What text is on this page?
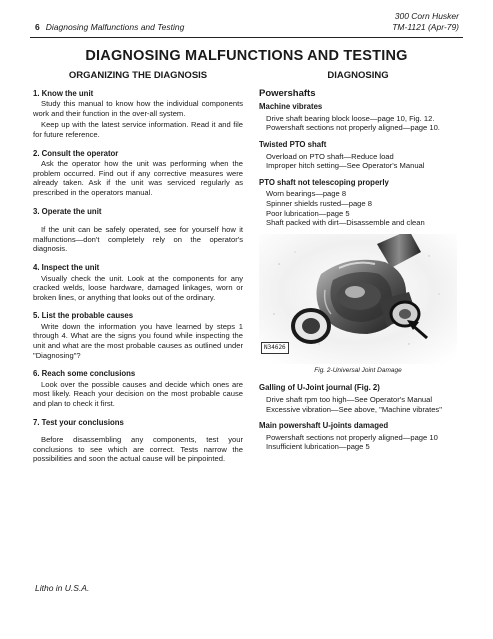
300 Corn Husker
TM-1121 (Apr-79)
6 Diagnosing Malfunctions and Testing
DIAGNOSING MALFUNCTIONS AND TESTING
ORGANIZING THE DIAGNOSIS
1. Know the unit

Study this manual to know how the individual components work and their function in the over-all system.

Keep up with the latest service information. Read it and file for future reference.

2. Consult the operator

Ask the operator how the unit was performing when the problem occurred. Find out if any corrective measures were already taken. Ask if the unit was serviced regularly as prescribed in the operators manual.

3. Operate the unit

If the unit can be safely operated, see for yourself how it malfunctions—don't completely rely on the operator's diagnosis.

4. Inspect the unit

Visually check the unit. Look at the components for any cracked welds, loose hardware, damaged linkages, worn or broken lines, or anything that looks out of the ordinary.

5. List the probable causes

Write down the information you have learned by steps 1 through 4. What are the signs you found while inspecting the unit and what are the most probable causes as outlined under "Diagnosing"?

6. Reach some conclusions

Look over the possible causes and decide which ones are most likely. Reach your decision on the most probable cause and plan to check it first.

7. Test your conclusions

Before disassembling any components, test your conclusions to see which are correct. Tests narrow the possibilities and soon the actual cause will be pinpointed.

DIAGNOSING
Powershafts
Machine vibrates
Drive shaft bearing block loose—page 10, Fig. 12.
Powershaft sections not properly aligned—page 10.
Twisted PTO shaft
Overload on PTO shaft—Reduce load
Improper hitch setting—See Operator's Manual
PTO shaft not telescoping properly
Worn bearings—page 8
Spinner shields rusted—page 8
Poor lubrication—page 5
Shaft packed with dirt—Disassemble and clean
N34626
Fig. 2-Universal Joint Damage
Galling of U-Joint journal (Fig. 2)
Drive shaft rpm too high—See Operator's Manual
Excessive vibration—See above, "Machine vibrates"
Main powershaft U-joints damaged
Powershaft sections not properly aligned—page 10
Insufficient lubrication—page 5
Litho in U.S.A.
